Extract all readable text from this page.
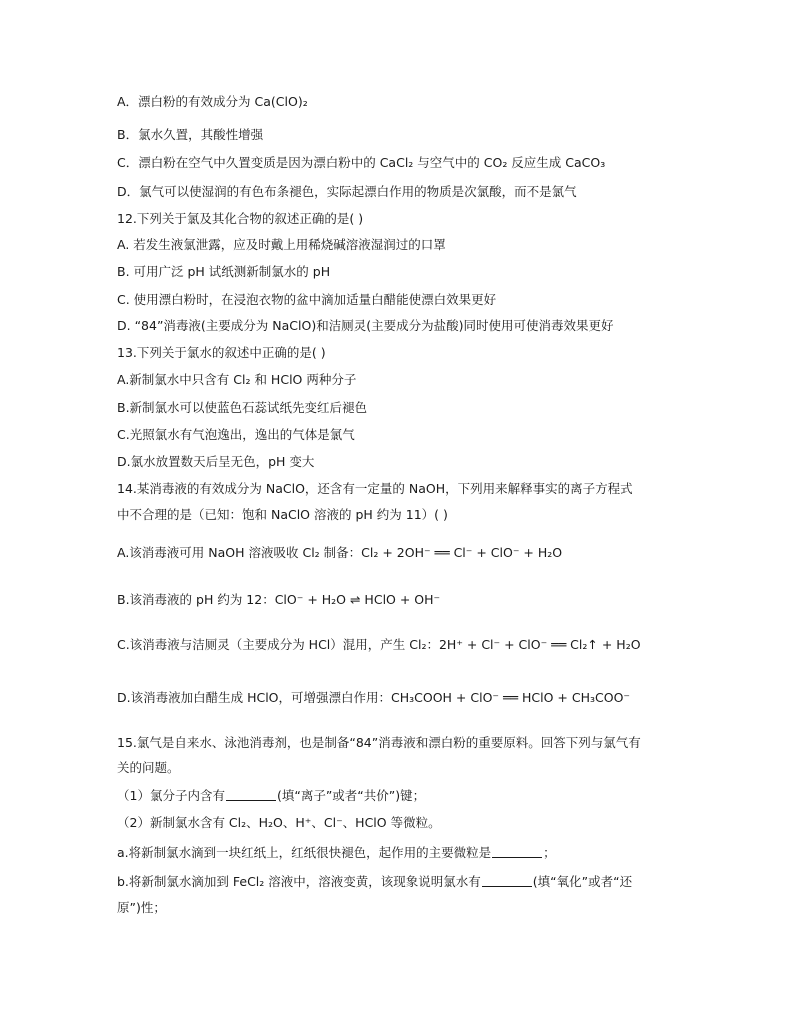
A．漂白粉的有效成分为 Ca(ClO)₂
B．氯水久置，其酸性增强
C．漂白粉在空气中久置变质是因为漂白粉中的 CaCl₂ 与空气中的 CO₂ 反应生成 CaCO₃
D．氯气可以使湿润的有色布条褪色，实际起漂白作用的物质是次氯酸，而不是氯气
12.下列关于氯及其化合物的叙述正确的是( )
A. 若发生液氯泄露，应及时戴上用稀烧碱溶液湿润过的口罩
B. 可用广泛 pH 试纸测新制氯水的 pH
C. 使用漂白粉时，在浸泡衣物的盆中滴加适量白醋能使漂白效果更好
D. “84”消毒液(主要成分为 NaClO)和洁厕灵(主要成分为盐酸)同时使用可使消毒效果更好
13.下列关于氯水的叙述中正确的是( )
A.新制氯水中只含有 Cl₂ 和 HClO 两种分子
B.新制氯水可以使蓝色石蕊试纸先变红后褪色
C.光照氯水有气泡逸出，逸出的气体是氯气
D.氯水放置数天后呈无色，pH 变大
14.某消毒液的有效成分为 NaClO，还含有一定量的 NaOH，下列用来解释事实的离子方程式
中不合理的是（已知：饱和 NaClO 溶液的 pH 约为 11）( )
A.该消毒液可用 NaOH 溶液吸收 Cl₂ 制备：Cl₂ + 2OH⁻ ══ Cl⁻ + ClO⁻ + H₂O
B.该消毒液的 pH 约为 12：ClO⁻ + H₂O ⇌ HClO + OH⁻
C.该消毒液与洁厕灵（主要成分为 HCl）混用，产生 Cl₂：2H⁺ + Cl⁻ + ClO⁻ ══ Cl₂↑ + H₂O
D.该消毒液加白醋生成 HClO，可增强漂白作用：CH₃COOH + ClO⁻ ══ HClO + CH₃COO⁻
15.氯气是自来水、泳池消毒剂，也是制备“84”消毒液和漂白粉的重要原料。回答下列与氯气有
关的问题。
（1）氯分子内含有	(填“离子”或者“共价”)键；
（2）新制氯水含有 Cl₂、H₂O、H⁺、Cl⁻、HClO 等微粒。
a.将新制氯水滴到一块红纸上，红纸很快褪色，起作用的主要微粒是	；
b.将新制氯水滴加到 FeCl₂ 溶液中，溶液变黄，该现象说明氯水有	(填“氧化”或者“还
原”)性；
